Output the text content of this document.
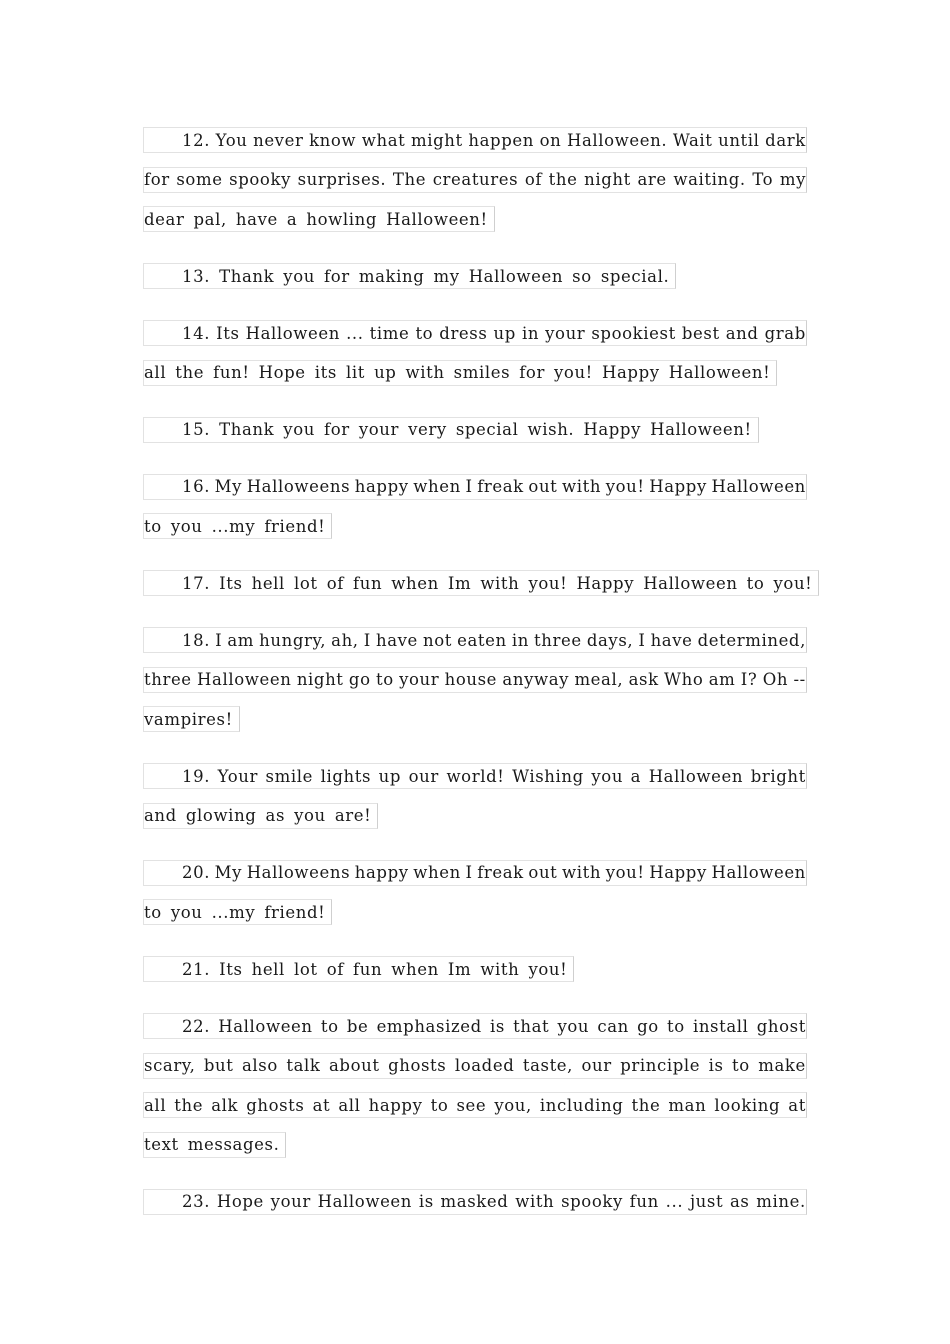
12. You never know what might happen on Halloween. Wait until dark
for some spooky surprises. The creatures of the night are waiting. To my
dear pal, have a howling Halloween!
13. Thank you for making my Halloween so special.
14. Its Halloween ... time to dress up in your spookiest best and grab
all the fun! Hope its lit up with smiles for you! Happy Halloween!
15. Thank you for your very special wish. Happy Halloween!
16. My Halloweens happy when I freak out with you! Happy Halloween
to you ...my friend!
17. Its hell lot of fun when Im with you! Happy Halloween to you!
18. I am hungry, ah, I have not eaten in three days, I have determined,
three Halloween night go to your house anyway meal, ask Who am I? Oh --
vampires!
19. Your smile lights up our world! Wishing you a Halloween bright
and glowing as you are!
20. My Halloweens happy when I freak out with you! Happy Halloween
to you ...my friend!
21. Its hell lot of fun when Im with you!
22. Halloween to be emphasized is that you can go to install ghost
scary, but also talk about ghosts loaded taste, our principle is to make
all the alk ghosts at all happy to see you, including the man looking at
text messages.
23. Hope your Halloween is masked with spooky fun ... just as mine.
